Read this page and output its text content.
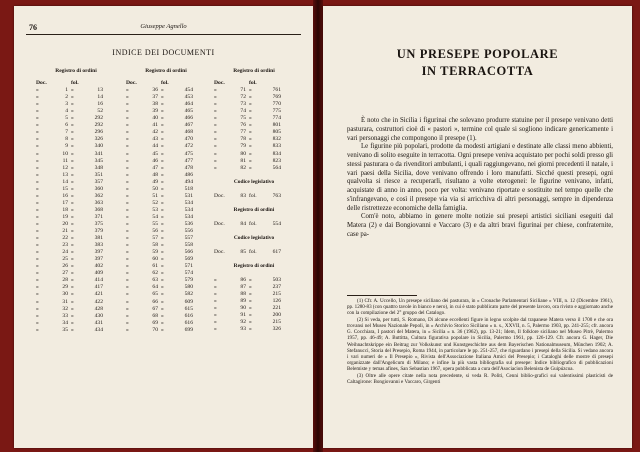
76	Giuseppe Agnello
INDICE DEI DOCUMENTI
Registro di ordini
Doc.	fol.
»	1 »	13
»	2 »	14
»	3 »	16
»	4 »	52
»	5 »	292
»	6 »	292
»	7 »	296
»	8 »	326
»	9 »	340
»	10 »	341
»	11 »	345
»	12 »	348
»	13 »	351
»	14 »	357
»	15 »	360
»	16 »	362
»	17 »	363
»	18 »	368
»	19 »	371
»	20 »	375
»	21 »	379
»	22 »	381
»	23 »	383
»	24 »	397
»	25 »	397
»	26 »	402
»	27 »	409
»	28 »	414
»	29 »	417
»	30 »	421
»	31 »	422
»	32 »	428
»	33 »	430
»	34 »	431
»	35 »	434
Registro di ordini
Doc.	fol.
»	36 »	454
»	37 »	453
»	38 »	464
»	39 »	465
»	40 »	466
»	41 »	467
»	42 »	468
»	43 »	470
»	44 »	472
»	45 »	475
»	46 »	477
»	47 »	478
»	48 »	486
»	49 »	494
»	50 »	518
»	51 »	531
»	52 »	534
»	53 »	534
»	54 »	534
»	55 »	536
»	56 »	556
»	57 »	557
»	58 »	558
»	59 »	566
»	60 »	569
»	61 »	571
»	62 »	574
»	63 »	579
»	64 »	580
»	65 »	582
»	66 »	609
»	67 »	615
»	68 »	616
»	69 »	616
»	70 »	699
Registro di ordini
Doc.	fol.
»	71 »	761
»	72 »	769
»	73 »	770
»	74 »	775
»	75 »	774
»	76 »	801
»	77 »	805
»	78 »	832
»	79 »	833
»	80 »	834
»	81 »	823
»	82 »	564
Codice legislativo
Doc.	83 fol.	763
Registro di ordini
Doc.	84 fol.	554
Codice legislativo
Doc.	85 fol.	617
Registro di ordini
»	86 »	503
»	87 »	237
»	88 »	215
»	89 »	126
»	90 »	221
»	91 »	200
»	92 »	215
»	93 »	326
UN PRESEPE POPOLARE
IN TERRACOTTA

È noto che in Sicilia i figurinai che solevano produrre statuine per il presepe venivano detti pasturara, costruttori cioè di « pastori », termine col quale si sogliono indicare genericamente i vari personaggi che compongono il presepe (1).

Le figurine più popolari, prodotte da modesti artigiani e destinate alle classi meno abbienti, venivano di solito eseguite in terracotta. Ogni presepe veniva acquistato per pochi soldi presso gli stessi pasturara o da rivenditori ambulanti, i quali raggiungevano, nei giorni precedenti il natale, i vari paesi della Sicilia, dove venivano offrendo i loro manufatti. Sicché questi presepi, ogni qualvolta si riesce a recuperarli, risultano a volte eterogenei: le figurine venivano, infatti, acquistate di anno in anno, poco per volta: venivano riportate e sostituite nel tempo quelle che s'infrangevano, e così il presepe via via si arricchiva di altri personaggi, sempre in dipendenza delle ristrettezze economiche della famiglia.

Com'è noto, abbiamo in genere molte notizie sui presepi artistici siciliani eseguiti dal Matera (2) e dai Bongiovanni e Vaccaro (3) e da altri bravi figurinai per chiese, confraternite, case pa-

(1) Cfr. A. Uccello, Un presepe siciliano dei pasturara, in « Cronache Parlamentari Siciliane » VIII, n. 12 (Dicembre 1961), pp. 1280-83 (con quattro tavole in bianco e nero), in cui è stato pubblicato parte del presente lavoro, ora rivisto e aggiornato anche con la compilazione del 2° gruppo del Catalogo.

(2) Si veda, per tutti, S. Romano, Di alcune eccellenti figure in legno scolpite dal trapanese Matera verso il 1700 e che ora trovansi nel Museo Nazionale Pepoli, in « Archivio Storico Siciliano » n. s., XXVII, n. 5, Palermo 1903, pp. 241-255; cfr. ancora G. Cocchiara, I pastori del Matera, in « Sicilia » n. 36 (1962), pp. 13-21; Idem, Il folklore siciliano nel Museo Pitrè, Palermo 1957, pp. 46-49; A. Buttitta, Cultura figurativa popolare in Sicilia, Palermo 1961, pp. 126-129. Cfr. ancora G. Hager, Die Weihnachtskrippe ein Beitrag zur Volkskunst und Kunstgeschichte aus dem Bayerischen Nationalmuseum, München 1902; A. Stefanucci, Storia del Presepio, Roma 1944, in particolare le pp. 251-257, che riguardano i presepi della Sicilia. Si vedano ancora i vari numeri de « Il Presepio », Rivista dell'Associazione Italiana Amici del Presepio; i Cataloghi delle mostre di presepi organizzate dall'Angelicum di Milano; e infine la più vasta bibliografia sul presepe: Indice bibliografico di pubblicazioni Belemiste y temas afines, San Sebastian 1967, opera pubblicata a cura dell'Asociacion Belenista de Guipúzcoa.

(3) Oltre alle opere citate nella nota precedente, si veda R. Politi, Cenni biblio-grafici sui valentissimi plasticisti de Caltagirone: Bongiovanni e Vaccaro, Girgenti
